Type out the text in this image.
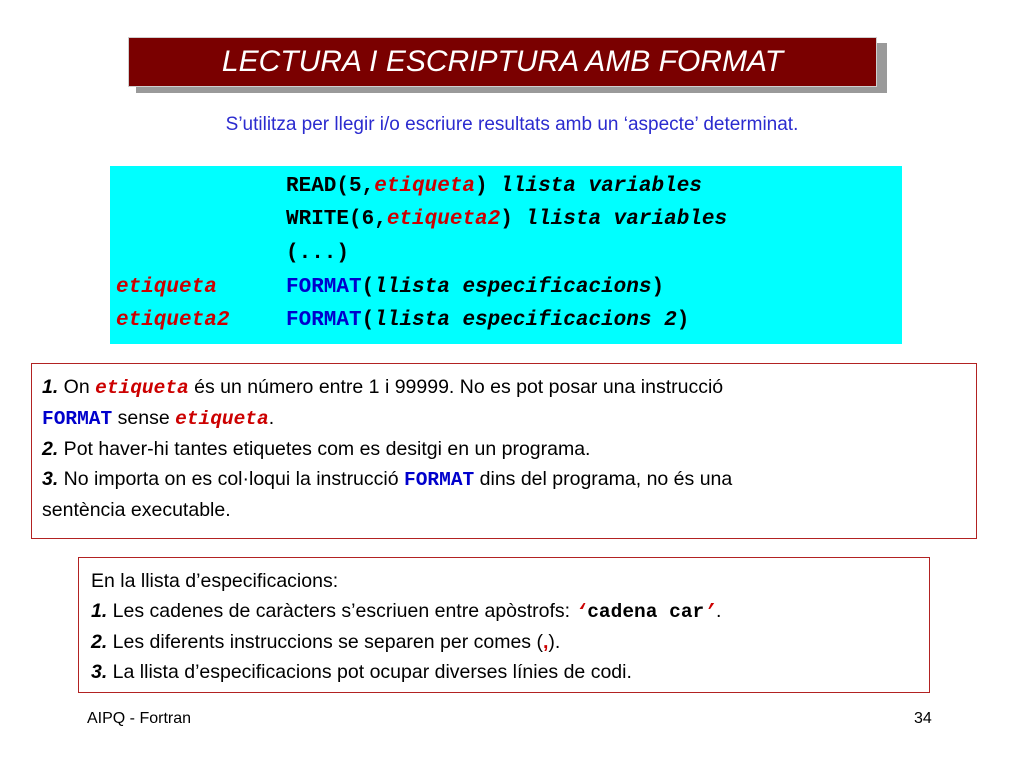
LECTURA I ESCRIPTURA AMB FORMAT
S’utilitza per llegir i/o escriure resultats amb un ‘aspecte’ determinat.
READ(5,etiqueta) llista variables
WRITE(6,etiqueta2) llista variables
(...)
etiqueta	FORMAT(llista especificacions)
etiqueta2	FORMAT(llista especificacions 2)
1. On etiqueta és un número entre 1 i 99999. No es pot posar una instrucció
FORMAT sense etiqueta.
2. Pot haver-hi tantes etiquetes com es desitgi en un programa.
3. No importa on es col·loqui la instrucció FORMAT dins del programa, no és una
sentència executable.
En la llista d’especificacions:
1. Les cadenes de caràcters s’escriuen entre apòstrofs: ‘cadena car’.
2. Les diferents instruccions se separen per comes (,).
3. La llista d’especificacions pot ocupar diverses línies de codi.
AIPQ - Fortran	34
